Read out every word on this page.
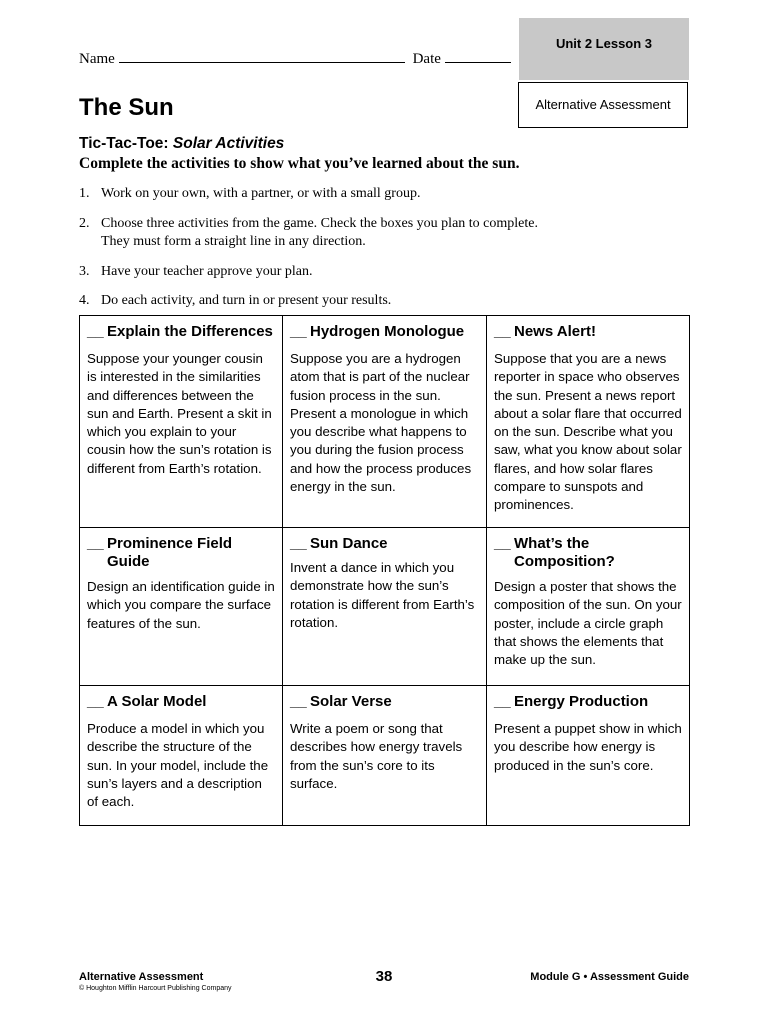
Unit 2 Lesson 3
Alternative Assessment
Name	Date
The Sun
Tic-Tac-Toe: Solar Activities
Complete the activities to show what you’ve learned about the sun.
1. Work on your own, with a partner, or with a small group.
2. Choose three activities from the game. Check the boxes you plan to complete. They must form a straight line in any direction.
3. Have your teacher approve your plan.
4. Do each activity, and turn in or present your results.
__ Explain the Differences
Suppose your younger cousin is interested in the similarities and differences between the sun and Earth. Present a skit in which you explain to your cousin how the sun’s rotation is different from Earth’s rotation.
__ Hydrogen Monologue
Suppose you are a hydrogen atom that is part of the nuclear fusion process in the sun. Present a monologue in which you describe what happens to you during the fusion process and how the process produces energy in the sun.
__ News Alert!
Suppose that you are a news reporter in space who observes the sun. Present a news report about a solar flare that occurred on the sun. Describe what you saw, what you know about solar flares, and how solar flares compare to sunspots and prominences.
__ Prominence Field Guide
Design an identification guide in which you compare the surface features of the sun.
__ Sun Dance
Invent a dance in which you demonstrate how the sun’s rotation is different from Earth’s rotation.
__ What’s the Composition?
Design a poster that shows the composition of the sun. On your poster, include a circle graph that shows the elements that make up the sun.
__ A Solar Model
Produce a model in which you describe the structure of the sun. In your model, include the sun’s layers and a description of each.
__ Solar Verse
Write a poem or song that describes how energy travels from the sun’s core to its surface.
__ Energy Production
Present a puppet show in which you describe how energy is produced in the sun’s core.
Alternative Assessment
© Houghton Mifflin Harcourt Publishing Company
38	Module G • Assessment Guide
